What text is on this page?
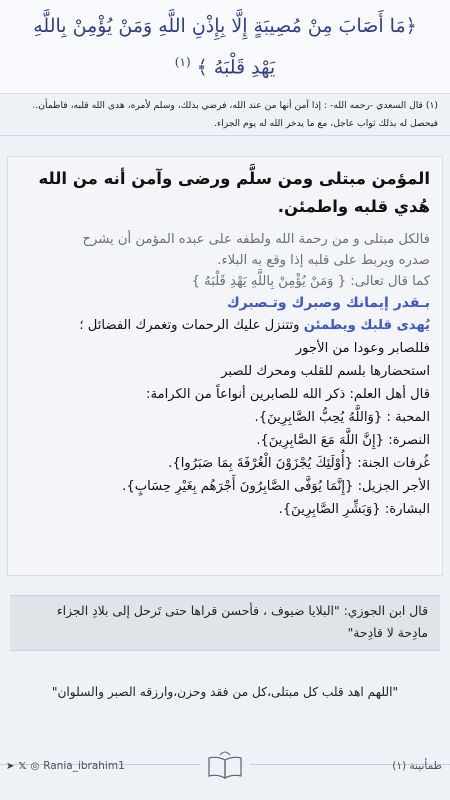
﴿مَا أَصَابَ مِنْ مُصِيبَةٍ إِلَّا بِإِذْنِ اللَّهِ وَمَنْ يُؤْمِنْ بِاللَّهِ
يَهْدِ قَلْبَهُ ﴾ $^{(١)}$
(١) قال السعدي -رحمه الله- : إذا آمن أنها من عند الله، فرضي بذلك، وسلم لأمره، هدى الله قلبه، فاطمأن.. فيحصل له بذلك ثواب عاجل، مع ما يدخر الله له يوم الجزاء.
المؤمن مبتلى ومن سلَّم ورضى وآمن أنه من الله
هُدي قلبه واطمئن.
فالكل مبتلى و من رحمة الله ولطفه على عبده المؤمن أن يشرح
صدره ويربط على قلبه إذا وقع به البلاء.
كما قال تعالى: { وَمَنْ يُؤْمِنْ بِاللَّهِ يَهْدِ قَلْبَهُ }
بـقدر إيمانك وصبرك وتـصبرك
يُهدى قلبك ويطمئن وتتنزل عليك الرحمات وتغمرك الفضائل ؛
فللصابر وعودا من الأجور
استحضارها بلسم للقلب ومحرك للصبر
قال أهل العلم: ذكر الله للصابرين أنواعاً من الكرامة:
المحبة : {وَاللَّهُ يُحِبُّ الصَّابِرِينَ}.
النصرة: {إِنَّ اللَّهَ مَعَ الصَّابِرِينَ}.
غُرفات الجنة: {أُوْلَئِكَ يُجْزَوْنَ الْغُرْفَةَ بِمَا صَبَرُوا}.
الأجر الجزيل: {إِنَّمَا يُوَفَّى الصَّابِرُونَ أَجْرَهُم بِغَيْرِ حِسَابٍ}.
البشارة: {وَبَشِّرِ الصَّابِرِينَ}.
قال ابن الجوزي: "البلايا ضيوف ، فأحسن قراها حتى تَرحل إلى بلادِ الجزاء
مادِحة لا قادِحة"
"اللهم اهد قلب كل مبتلى،كل من فقد وحزن،وارزقه الصبر والسلوان"
➤ 𝕏 ◎ Rania_ibrahim1	طمأنينة (١)
